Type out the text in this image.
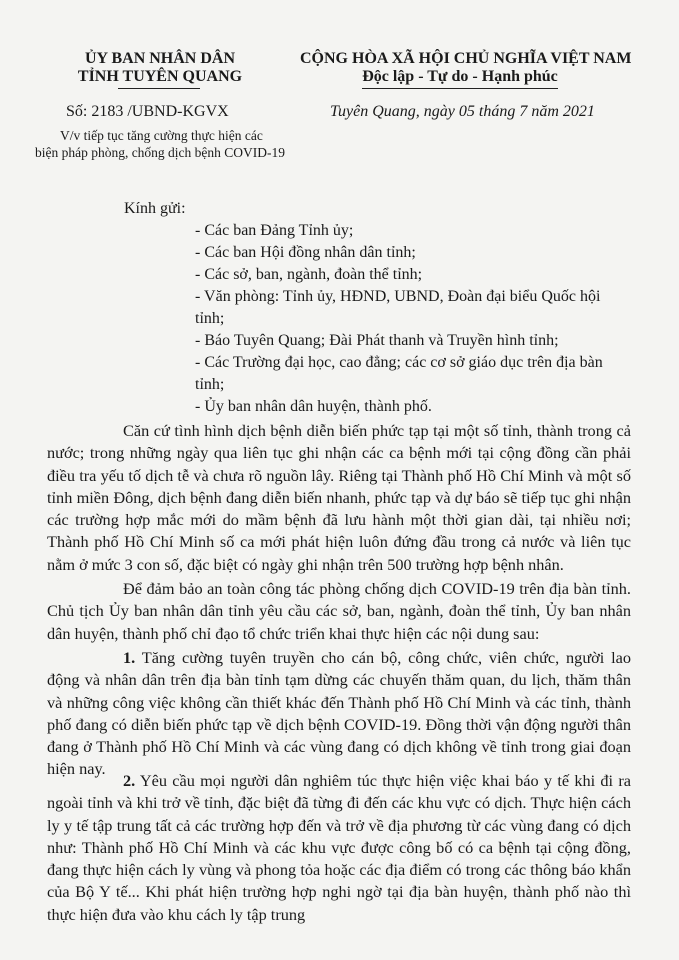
ỦY BAN NHÂN DÂN
TỈNH TUYÊN QUANG
CỘNG HÒA XÃ HỘI CHỦ NGHĨA VIỆT NAM
Độc lập - Tự do - Hạnh phúc
Số: 2183 /UBND-KGVX	Tuyên Quang, ngày 05 tháng 7 năm 2021
V/v tiếp tục tăng cường thực hiện các
biện pháp phòng, chống dịch bệnh COVID-19
Kính gửi:
- Các ban Đảng Tỉnh ủy;
- Các ban Hội đồng nhân dân tỉnh;
- Các sở, ban, ngành, đoàn thể tỉnh;
- Văn phòng: Tỉnh ủy, HĐND, UBND, Đoàn đại biểu Quốc hội
tỉnh;
- Báo Tuyên Quang; Đài Phát thanh và Truyền hình tỉnh;
- Các Trường đại học, cao đẳng; các cơ sở giáo dục trên địa bàn
tỉnh;
- Ủy ban nhân dân huyện, thành phố.
Căn cứ tình hình dịch bệnh diễn biến phức tạp tại một số tỉnh, thành trong cả nước; trong những ngày qua liên tục ghi nhận các ca bệnh mới tại cộng đồng cần phải điều tra yếu tố dịch tễ và chưa rõ nguồn lây. Riêng tại Thành phố Hồ Chí Minh và một số tỉnh miền Đông, dịch bệnh đang diễn biến nhanh, phức tạp và dự báo sẽ tiếp tục ghi nhận các trường hợp mắc mới do mầm bệnh đã lưu hành một thời gian dài, tại nhiều nơi; Thành phố Hồ Chí Minh số ca mới phát hiện luôn đứng đầu trong cả nước và liên tục nằm ở mức 3 con số, đặc biệt có ngày ghi nhận trên 500 trường hợp bệnh nhân.
Để đảm bảo an toàn công tác phòng chống dịch COVID-19 trên địa bàn tỉnh. Chủ tịch Ủy ban nhân dân tỉnh yêu cầu các sở, ban, ngành, đoàn thể tỉnh, Ủy ban nhân dân huyện, thành phố chỉ đạo tổ chức triển khai thực hiện các nội dung sau:
1. Tăng cường tuyên truyền cho cán bộ, công chức, viên chức, người lao động và nhân dân trên địa bàn tỉnh tạm dừng các chuyến thăm quan, du lịch, thăm thân và những công việc không cần thiết khác đến Thành phố Hồ Chí Minh và các tỉnh, thành phố đang có diễn biến phức tạp về dịch bệnh COVID-19. Đồng thời vận động người thân đang ở Thành phố Hồ Chí Minh và các vùng đang có dịch không về tỉnh trong giai đoạn hiện nay.
2. Yêu cầu mọi người dân nghiêm túc thực hiện việc khai báo y tế khi đi ra ngoài tỉnh và khi trở về tỉnh, đặc biệt đã từng đi đến các khu vực có dịch. Thực hiện cách ly y tế tập trung tất cả các trường hợp đến và trở về địa phương từ các vùng đang có dịch như: Thành phố Hồ Chí Minh và các khu vực được công bố có ca bệnh tại cộng đồng, đang thực hiện cách ly vùng và phong tỏa hoặc các địa điểm có trong các thông báo khẩn của Bộ Y tế... Khi phát hiện trường hợp nghi ngờ tại địa bàn huyện, thành phố nào thì thực hiện đưa vào khu cách ly tập trung
